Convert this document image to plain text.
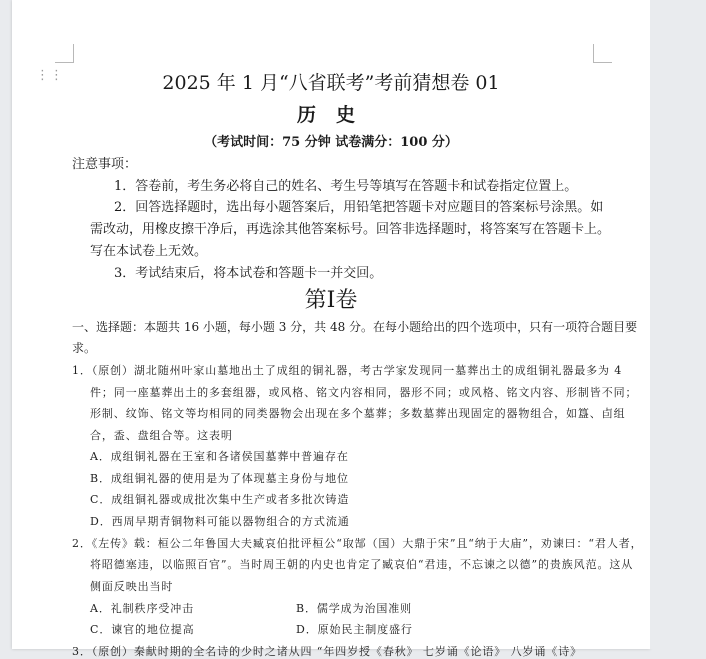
⋮⋮	2025 年 1 月“八省联考”考前猜想卷 01
历史
（考试时间：75 分钟 试卷满分：100 分）
注意事项：
1．答卷前，考生务必将自己的姓名、考生号等填写在答题卡和试卷指定位置上。
2．回答选择题时，选出每小题答案后，用铅笔把答题卡对应题目的答案标号涂黑。如
需改动，用橡皮擦干净后，再选涂其他答案标号。回答非选择题时，将答案写在答题卡上。
写在本试卷上无效。
3．考试结束后，将本试卷和答题卡一并交回。
第Ⅰ卷
一、选择题：本题共 16 小题，每小题 3 分，共 48 分。在每小题给出的四个选项中，只有一项符合题目要
求。
1．（原创）湖北随州叶家山墓地出土了成组的铜礼器，考古学家发现同一墓葬出土的成组铜礼器最多为 4
件；同一座墓葬出土的多套组器，或风格、铭文内容相同，器形不同；或风格、铭文内容、形制皆不同；
形制、纹饰、铭文等均相同的同类器物会出现在多个墓葬；多数墓葬出现固定的器物组合，如簋、卣组
合，盉、盘组合等。这表明
A．成组铜礼器在王室和各诸侯国墓葬中普遍存在
B．成组铜礼器的使用是为了体现墓主身份与地位
C．成组铜礼器或成批次集中生产或者多批次铸造
D．西周早期青铜物料可能以器物组合的方式流通
2．《左传》载：桓公二年鲁国大夫臧哀伯批评桓公“取郜（国）大鼎于宋”且“纳于大庙”，劝谏曰：“君人者，
将昭德塞违，以临照百官”。当时周王朝的内史也肯定了臧哀伯“君违，不忘谏之以德”的贵族风范。这从
侧面反映出当时
A．礼制秩序受冲击	B．儒学成为治国准则
C．谏官的地位提高	D．原始民主制度盛行
3．（原创）秦献时期的全名诗的少时之诸从四 “年四岁授《春秋》 七岁诵《论语》 八岁诵《诗》
